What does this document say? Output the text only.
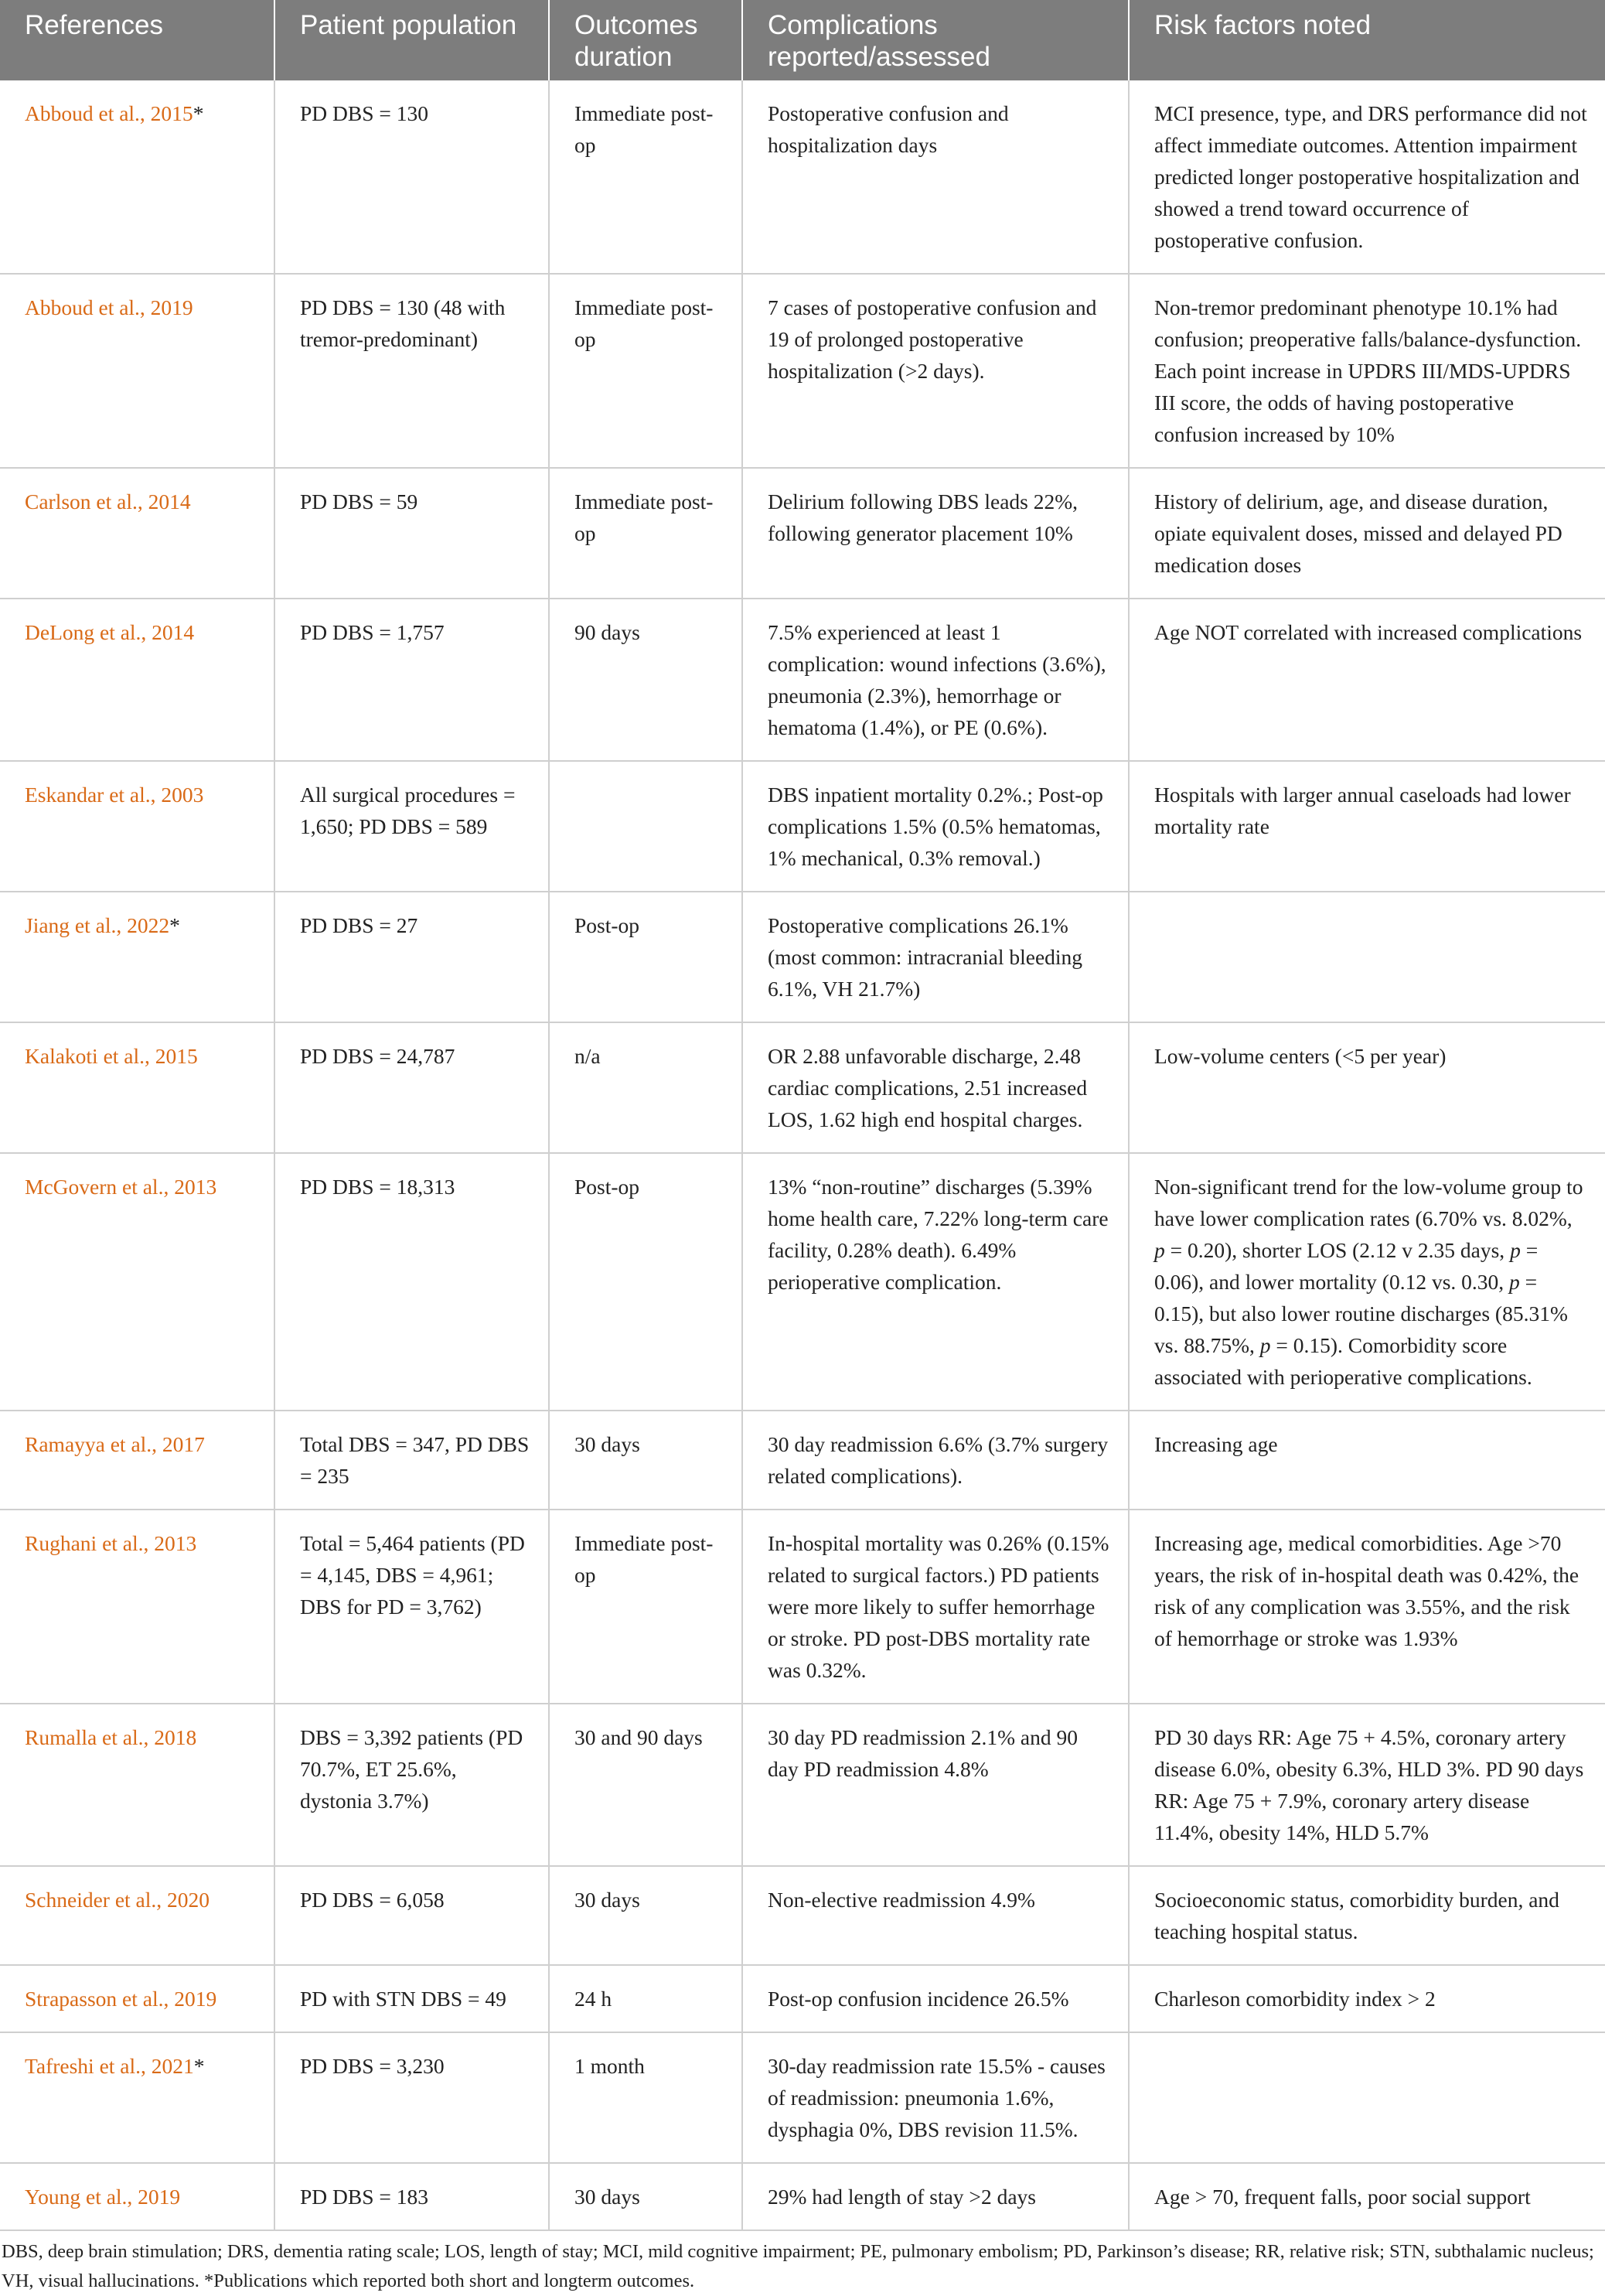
References	Patient population	Outcomes duration	Complications reported/assessed	Risk factors noted
Abboud et al., 2015*	PD DBS = 130	Immediate post-op	Postoperative confusion and hospitalization days	MCI presence, type, and DRS performance did not affect immediate outcomes. Attention impairment predicted longer postoperative hospitalization and showed a trend toward occurrence of postoperative confusion.
Abboud et al., 2019	PD DBS = 130 (48 with tremor-predominant)	Immediate post-op	7 cases of postoperative confusion and 19 of prolonged postoperative hospitalization (>2 days).	Non-tremor predominant phenotype 10.1% had confusion; preoperative falls/balance-dysfunction. Each point increase in UPDRS III/MDS-UPDRS III score, the odds of having postoperative confusion increased by 10%
Carlson et al., 2014	PD DBS = 59	Immediate post-op	Delirium following DBS leads 22%, following generator placement 10%	History of delirium, age, and disease duration, opiate equivalent doses, missed and delayed PD medication doses
DeLong et al., 2014	PD DBS = 1,757	90 days	7.5% experienced at least 1 complication: wound infections (3.6%), pneumonia (2.3%), hemorrhage or hematoma (1.4%), or PE (0.6%).	Age NOT correlated with increased complications
Eskandar et al., 2003	All surgical procedures = 1,650; PD DBS = 589		DBS inpatient mortality 0.2%.; Post-op complications 1.5% (0.5% hematomas, 1% mechanical, 0.3% removal.)	Hospitals with larger annual caseloads had lower mortality rate
Jiang et al., 2022*	PD DBS = 27	Post-op	Postoperative complications 26.1% (most common: intracranial bleeding 6.1%, VH 21.7%)	
Kalakoti et al., 2015	PD DBS = 24,787	n/a	OR 2.88 unfavorable discharge, 2.48 cardiac complications, 2.51 increased LOS, 1.62 high end hospital charges.	Low-volume centers (<5 per year)
McGovern et al., 2013	PD DBS = 18,313	Post-op	13% “non-routine” discharges (5.39% home health care, 7.22% long-term care facility, 0.28% death). 6.49% perioperative complication.	Non-significant trend for the low-volume group to have lower complication rates (6.70% vs. 8.02%, p = 0.20), shorter LOS (2.12 v 2.35 days, p = 0.06), and lower mortality (0.12 vs. 0.30, p = 0.15), but also lower routine discharges (85.31% vs. 88.75%, p = 0.15). Comorbidity score associated with perioperative complications.
Ramayya et al., 2017	Total DBS = 347, PD DBS = 235	30 days	30 day readmission 6.6% (3.7% surgery related complications).	Increasing age
Rughani et al., 2013	Total = 5,464 patients (PD = 4,145, DBS = 4,961; DBS for PD = 3,762)	Immediate post-op	In-hospital mortality was 0.26% (0.15% related to surgical factors.) PD patients were more likely to suffer hemorrhage or stroke. PD post-DBS mortality rate was 0.32%.	Increasing age, medical comorbidities. Age >70 years, the risk of in-hospital death was 0.42%, the risk of any complication was 3.55%, and the risk of hemorrhage or stroke was 1.93%
Rumalla et al., 2018	DBS = 3,392 patients (PD 70.7%, ET 25.6%, dystonia 3.7%)	30 and 90 days	30 day PD readmission 2.1% and 90 day PD readmission 4.8%	PD 30 days RR: Age 75 + 4.5%, coronary artery disease 6.0%, obesity 6.3%, HLD 3%. PD 90 days RR: Age 75 + 7.9%, coronary artery disease 11.4%, obesity 14%, HLD 5.7%
Schneider et al., 2020	PD DBS = 6,058	30 days	Non-elective readmission 4.9%	Socioeconomic status, comorbidity burden, and teaching hospital status.
Strapasson et al., 2019	PD with STN DBS = 49	24 h	Post-op confusion incidence 26.5%	Charleson comorbidity index > 2
Tafreshi et al., 2021*	PD DBS = 3,230	1 month	30-day readmission rate 15.5% - causes of readmission: pneumonia 1.6%, dysphagia 0%, DBS revision 11.5%.	
Young et al., 2019	PD DBS = 183	30 days	29% had length of stay >2 days	Age > 70, frequent falls, poor social support
DBS, deep brain stimulation; DRS, dementia rating scale; LOS, length of stay; MCI, mild cognitive impairment; PE, pulmonary embolism; PD, Parkinson’s disease; RR, relative risk; STN, subthalamic nucleus; VH, visual hallucinations. *Publications which reported both short and longterm outcomes.
